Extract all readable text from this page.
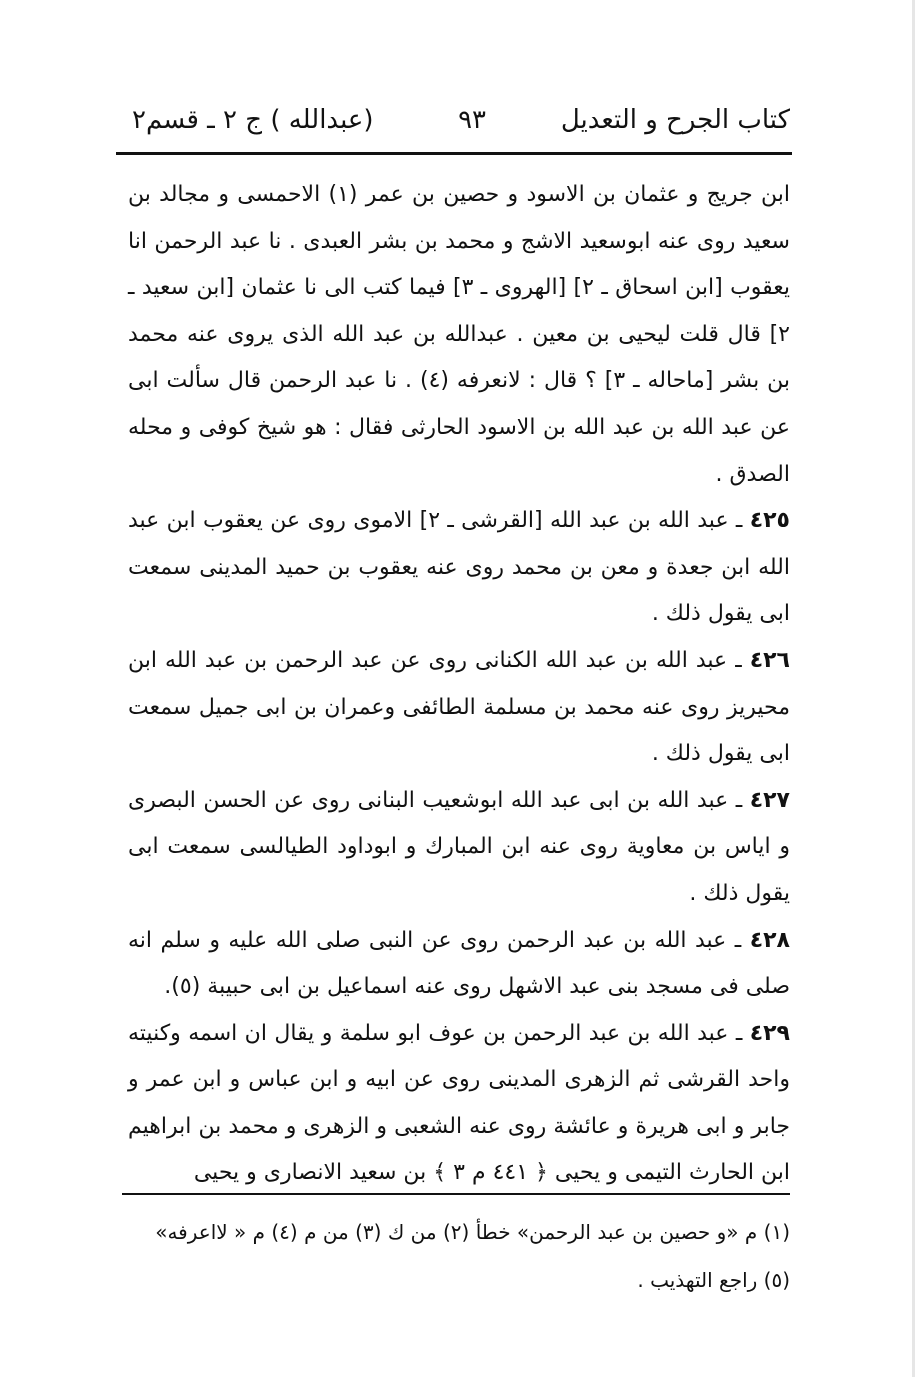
كتاب الجرح و التعديل
٩٣
(عبدالله ) ج ٢ ـ قسم٢

ابن جريج و عثمان بن الاسود و حصين بن عمر (١) الاحمسى و مجالد بن سعيد روى عنه ابوسعيد الاشج و محمد بن بشر العبدى . نا عبد الرحمن انا يعقوب [ابن اسحاق ـ ٢] [الهروى ـ ٣] فيما كتب الى نا عثمان [ابن سعيد ـ ٢] قال قلت ليحيى بن معين . عبدالله بن عبد الله الذى يروى عنه محمد بن بشر [ماحاله ـ ٣] ؟ قال : لانعرفه (٤) . نا عبد الرحمن قال سألت ابى عن عبد الله بن عبد الله بن الاسود الحارثى فقال : هو شيخ كوفى و محله الصدق .

٤٢٥ ـ عبد الله بن عبد الله [القرشى ـ ٢] الاموى روى عن يعقوب ابن عبد الله ابن جعدة و معن بن محمد روى عنه يعقوب بن حميد المدينى سمعت ابى يقول ذلك .

٤٢٦ ـ عبد الله بن عبد الله الكنانى روى عن عبد الرحمن بن عبد الله ابن محيريز روى عنه محمد بن مسلمة الطائفى وعمران بن ابى جميل سمعت ابى يقول ذلك .

٤٢٧ ـ عبد الله بن ابى عبد الله ابوشعيب البنانى روى عن الحسن البصرى و اياس بن معاوية روى عنه ابن المبارك و ابوداود الطيالسى سمعت ابى يقول ذلك .

٤٢٨ ـ عبد الله بن عبد الرحمن روى عن النبى صلى الله عليه و سلم انه صلى فى مسجد بنى عبد الاشهل روى عنه اسماعيل بن ابى حبيبة (٥).

٤٢٩ ـ عبد الله بن عبد الرحمن بن عوف ابو سلمة و يقال ان اسمه وكنيته واحد القرشى ثم الزهرى المدينى روى عن ابيه و ابن عباس و ابن عمر و جابر و ابى هريرة و عائشة روى عنه الشعبى و الزهرى و محمد بن ابراهيم ابن الحارث التيمى و يحيى ﴿ ٤٤١ م ٣ ﴾ بن سعيد الانصارى و يحيى

(١) م «و حصين بن عبد الرحمن» خطأ (٢) من ك (٣) من م (٤) م « لااعرفه»

(٥) راجع التهذيب .
